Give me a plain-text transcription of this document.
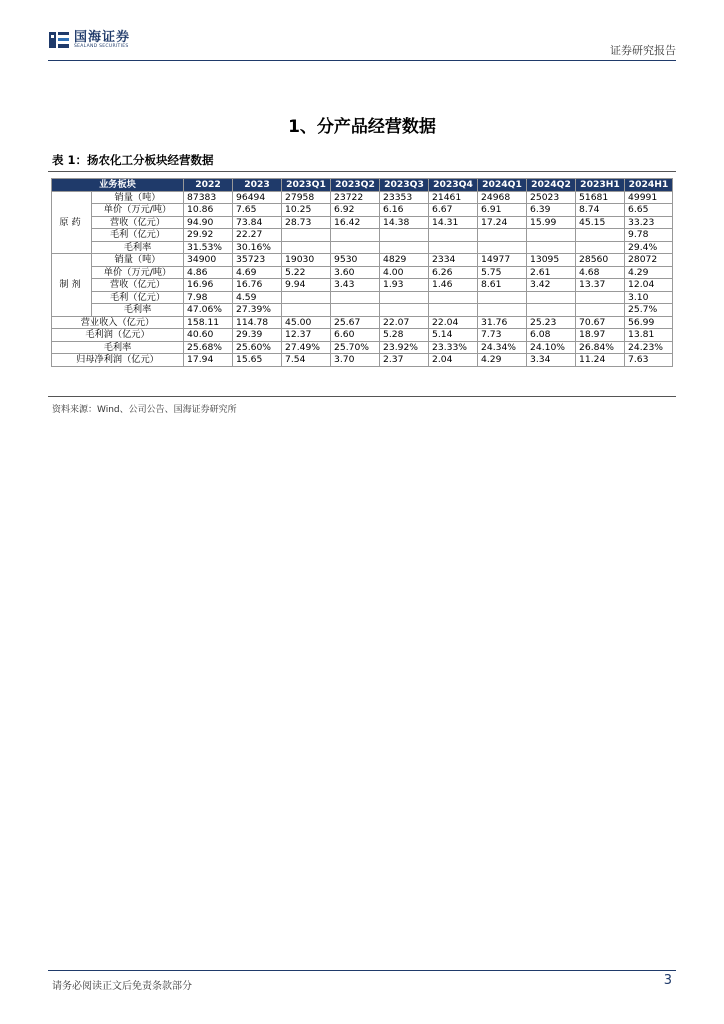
国海证券
SEALAND SECURITIES	证券研究报告
1、分产品经营数据
表 1：扬农化工分板块经营数据
业务板块		2022	2023	2023Q1	2023Q2	2023Q3	2023Q4	2024Q1	2024Q2	2023H1	2024H1
原药	销量（吨）	87383	96494	27958	23722	23353	21461	24968	25023	51681	49991
	单价（万元/吨）	10.86	7.65	10.25	6.92	6.16	6.67	6.91	6.39	8.74	6.65
	营收（亿元）	94.90	73.84	28.73	16.42	14.38	14.31	17.24	15.99	45.15	33.23
	毛利（亿元）	29.92	22.27								9.78
	毛利率	31.53%	30.16%								29.4%
制剂	销量（吨）	34900	35723	19030	9530	4829	2334	14977	13095	28560	28072
	单价（万元/吨）	4.86	4.69	5.22	3.60	4.00	6.26	5.75	2.61	4.68	4.29
	营收（亿元）	16.96	16.76	9.94	3.43	1.93	1.46	8.61	3.42	13.37	12.04
	毛利（亿元）	7.98	4.59								3.10
	毛利率	47.06%	27.39%								25.7%
营业收入（亿元）		158.11	114.78	45.00	25.67	22.07	22.04	31.76	25.23	70.67	56.99
毛利润（亿元）		40.60	29.39	12.37	6.60	5.28	5.14	7.73	6.08	18.97	13.81
毛利率		25.68%	25.60%	27.49%	25.70%	23.92%	23.33%	24.34%	24.10%	26.84%	24.23%
归母净利润（亿元）		17.94	15.65	7.54	3.70	2.37	2.04	4.29	3.34	11.24	7.63
资料来源：Wind、公司公告、国海证券研究所
请务必阅读正文后免责条款部分	3
